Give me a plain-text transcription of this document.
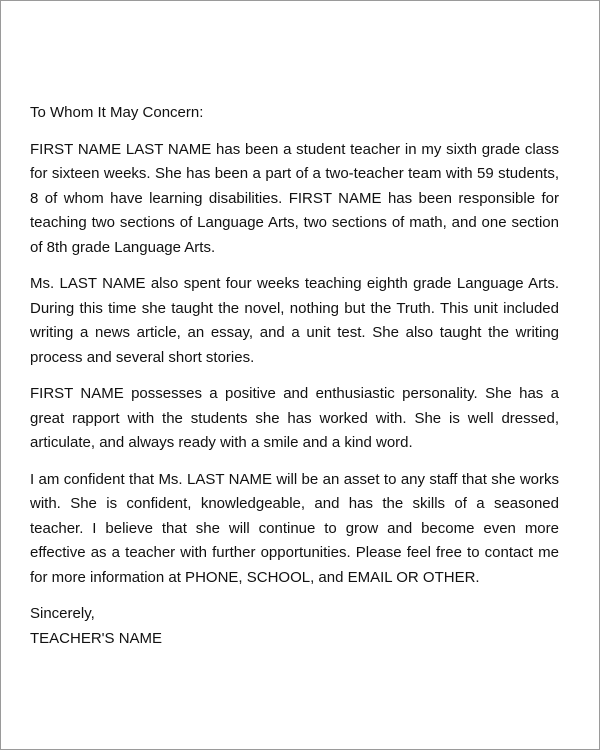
To Whom It May Concern:

FIRST NAME LAST NAME has been a student teacher in my sixth grade class for sixteen weeks. She has been a part of a two-teacher team with 59 students, 8 of whom have learning disabilities. FIRST NAME has been responsible for teaching two sections of Language Arts, two sections of math, and one section of 8th grade Language Arts.

Ms. LAST NAME also spent four weeks teaching eighth grade Language Arts. During this time she taught the novel, nothing but the Truth. This unit included writing a news article, an essay, and a unit test. She also taught the writing process and several short stories.

FIRST NAME possesses a positive and enthusiastic personality. She has a great rapport with the students she has worked with. She is well dressed, articulate, and always ready with a smile and a kind word.

I am confident that Ms. LAST NAME will be an asset to any staff that she works with. She is confident, knowledgeable, and has the skills of a seasoned teacher. I believe that she will continue to grow and become even more effective as a teacher with further opportunities. Please feel free to contact me for more information at PHONE, SCHOOL, and EMAIL OR OTHER.

Sincerely,
TEACHER'S NAME
